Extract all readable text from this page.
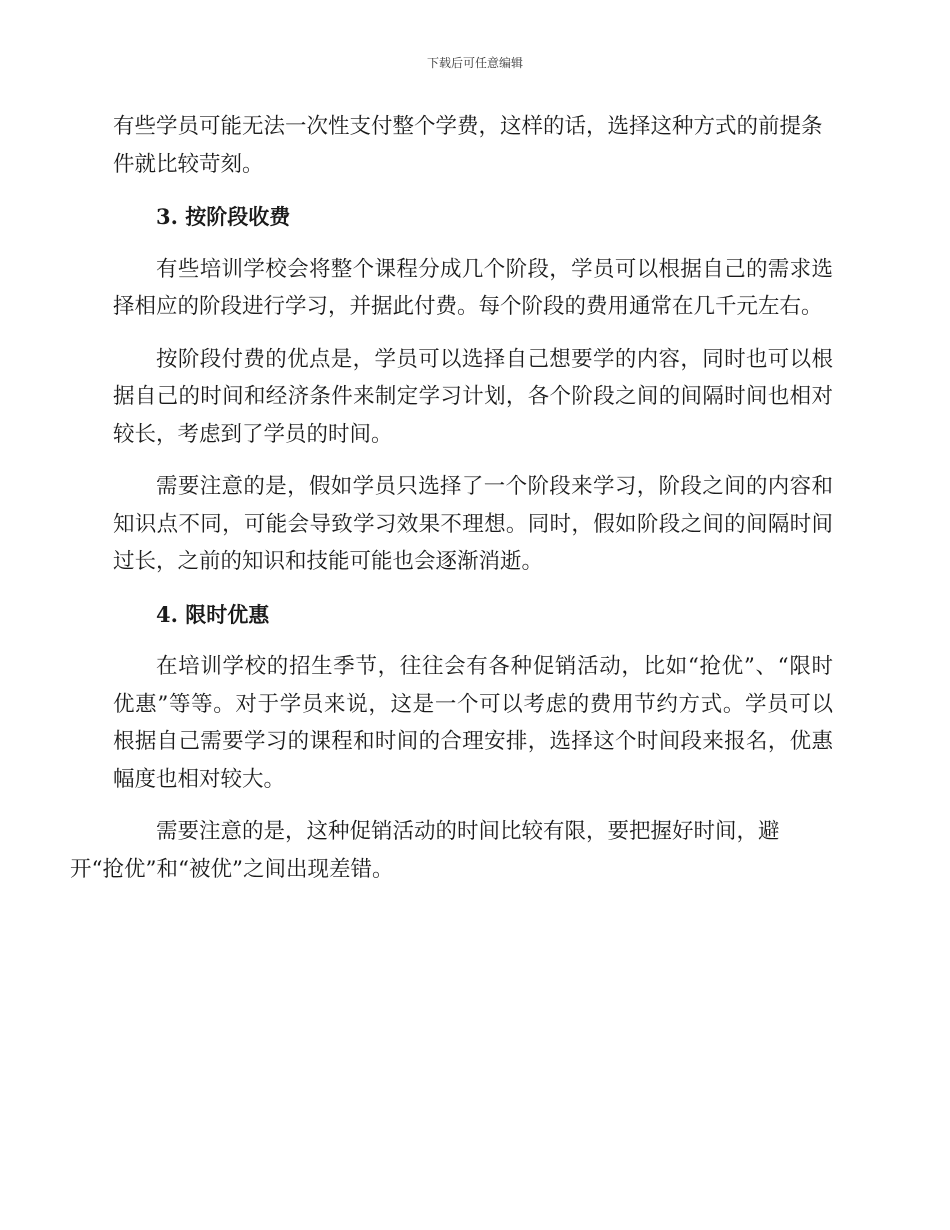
下载后可任意编辑

有些学员可能无法一次性支付整个学费，这样的话，选择这种方式的前提条
件就比较苛刻。

3. 按阶段收费

有些培训学校会将整个课程分成几个阶段，学员可以根据自己的需求选择相应的阶段进行学习，并据此付费。每个阶段的费用通常在几千元左右。

按阶段付费的优点是，学员可以选择自己想要学的内容，同时也可以根据自己的时间和经济条件来制定学习计划，各个阶段之间的间隔时间也相对较长，考虑到了学员的时间。

需要注意的是，假如学员只选择了一个阶段来学习，阶段之间的内容和知识点不同，可能会导致学习效果不理想。同时，假如阶段之间的间隔时间过长，之前的知识和技能可能也会逐渐消逝。

4. 限时优惠

在培训学校的招生季节，往往会有各种促销活动，比如“抢优”、“限时优惠”等等。对于学员来说，这是一个可以考虑的费用节约方式。学员可以根据自己需要学习的课程和时间的合理安排，选择这个时间段来报名，优惠幅度也相对较大。

需要注意的是，这种促销活动的时间比较有限，要把握好时间，避
开“抢优”和“被优”之间出现差错。
